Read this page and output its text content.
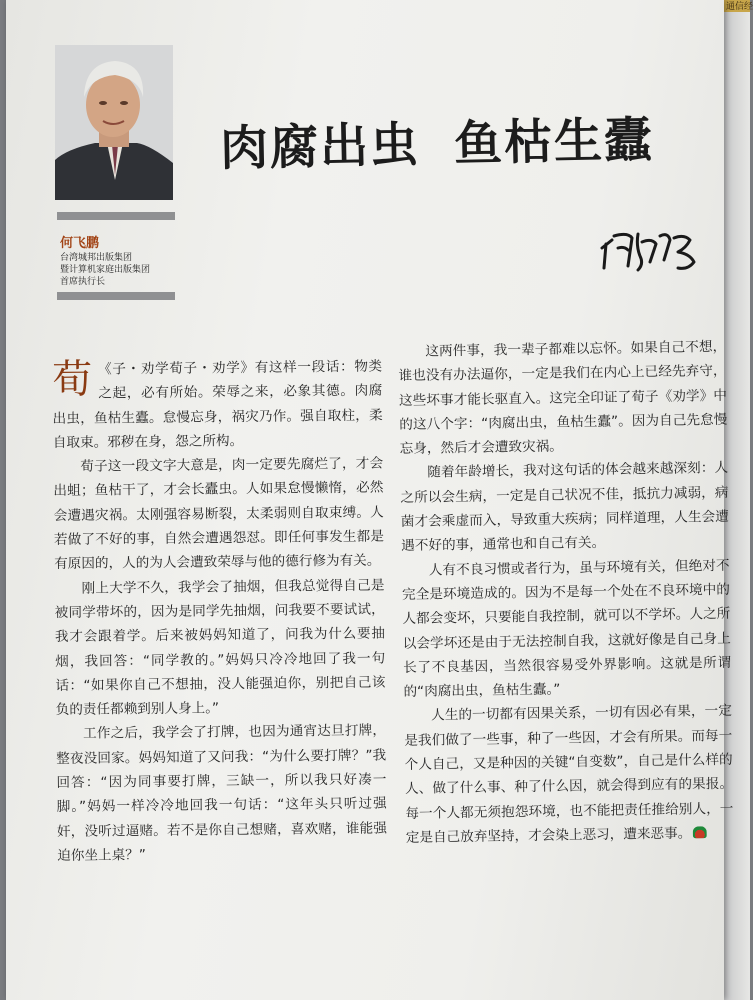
通信经
何飞鹏
台湾城邦出版集团
暨计算机家庭出版集团
首席执行长
肉腐出虫 鱼枯生蠹

《
荀 子・劝学荀子・劝学》有这样一段话：物类之起，必有所始。荣辱之来，必象其德。肉腐出虫，鱼枯生蠹。怠慢忘身，祸灾乃作。强自取柱，柔自取束。邪秽在身，怨之所构。

荀子这一段文字大意是，肉一定要先腐烂了，才会出蛆；鱼枯干了，才会长蠹虫。人如果怠慢懒惰，必然会遭遇灾祸。太刚强容易断裂，太柔弱则自取束缚。人若做了不好的事，自然会遭遇怨怼。即任何事发生都是有原因的，人的为人会遭致荣辱与他的德行修为有关。

刚上大学不久，我学会了抽烟，但我总觉得自己是被同学带坏的，因为是同学先抽烟，问我要不要试试，我才会跟着学。后来被妈妈知道了，问我为什么要抽烟，我回答：“同学教的。”妈妈只冷冷地回了我一句话：“如果你自己不想抽，没人能强迫你，别把自己该负的责任都赖到别人身上。”

工作之后，我学会了打牌，也因为通宵达旦打牌，整夜没回家。妈妈知道了又问我：“为什么要打牌？”我回答：“因为同事要打牌，三缺一，所以我只好凑一脚。”妈妈一样冷冷地回我一句话：“这年头只听过强奸，没听过逼赌。若不是你自己想赌，喜欢赌，谁能强迫你坐上桌？”

这两件事，我一辈子都难以忘怀。如果自己不想，谁也没有办法逼你，一定是我们在内心上已经先弃守，这些坏事才能长驱直入。这完全印证了荀子《劝学》中的这八个字：“肉腐出虫，鱼枯生蠹”。因为自己先怠慢忘身，然后才会遭致灾祸。

随着年龄增长，我对这句话的体会越来越深刻：人之所以会生病，一定是自己状况不佳，抵抗力减弱，病菌才会乘虚而入，导致重大疾病；同样道理，人生会遭遇不好的事，通常也和自己有关。

人有不良习惯或者行为，虽与环境有关，但绝对不完全是环境造成的。因为不是每一个处在不良环境中的人都会变坏，只要能自我控制，就可以不学坏。人之所以会学坏还是由于无法控制自我，这就好像是自己身上长了不良基因，当然很容易受外界影响。这就是所谓的“肉腐出虫，鱼枯生蠹。”

人生的一切都有因果关系，一切有因必有果，一定是我们做了一些事，种了一些因，才会有所果。而每一个人自己，又是种因的关键“自变数”，自己是什么样的人、做了什么事、种了什么因，就会得到应有的果报。每一个人都无须抱怨环境，也不能把责任推给别人，一定是自己放弃坚持，才会染上恶习，遭来恶事。
